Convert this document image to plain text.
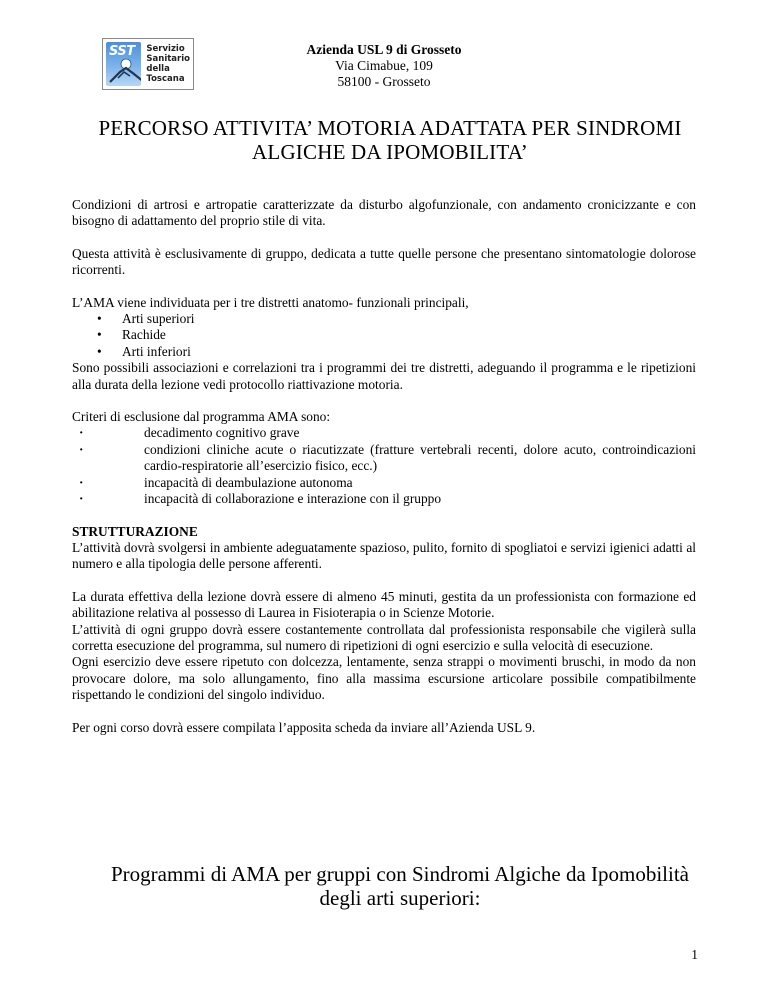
SST Servizio
Sanitario
della
Toscana
Azienda USL 9 di Grosseto
Via Cimabue, 109
58100 - Grosseto
PERCORSO ATTIVITA’ MOTORIA ADATTATA PER SINDROMI
ALGICHE DA IPOMOBILITA’

Condizioni di artrosi e artropatie caratterizzate da disturbo algofunzionale, con andamento cronicizzante e con bisogno di adattamento del proprio stile di vita.

Questa attività è esclusivamente di gruppo, dedicata a tutte quelle persone che presentano sintomatologie dolorose ricorrenti.

L’AMA viene individuata per i tre distretti anatomo- funzionali principali,

• Arti superiori
• Rachide
• Arti inferiori

Sono possibili associazioni e correlazioni tra i programmi dei tre distretti, adeguando il programma e le ripetizioni alla durata della lezione vedi protocollo riattivazione motoria.

Criteri di esclusione dal programma AMA sono:

· decadimento cognitivo grave
· condizioni cliniche acute o riacutizzate (fratture vertebrali recenti, dolore acuto, controindicazioni cardio-respiratorie all’esercizio fisico, ecc.)
· incapacità di deambulazione autonoma
· incapacità di collaborazione e interazione con il gruppo

STRUTTURAZIONE

L’attività dovrà svolgersi in ambiente adeguatamente spazioso, pulito, fornito di spogliatoi e servizi igienici adatti al numero e alla tipologia delle persone afferenti.

La durata effettiva della lezione dovrà essere di almeno 45 minuti, gestita da un professionista con formazione ed abilitazione relativa al possesso di Laurea in Fisioterapia o in Scienze Motorie.

L’attività di ogni gruppo dovrà essere costantemente controllata dal professionista responsabile che vigilerà sulla corretta esecuzione del programma, sul numero di ripetizioni di ogni esercizio e sulla velocità di esecuzione.

Ogni esercizio deve essere ripetuto con dolcezza, lentamente, senza strappi o movimenti bruschi, in modo da non provocare dolore, ma solo allungamento, fino alla massima escursione articolare possibile compatibilmente rispettando le condizioni del singolo individuo.

Per ogni corso dovrà essere compilata l’apposita scheda da inviare all’Azienda USL 9.

Programmi di AMA per gruppi con Sindromi Algiche da Ipomobilità
degli arti superiori:
1
